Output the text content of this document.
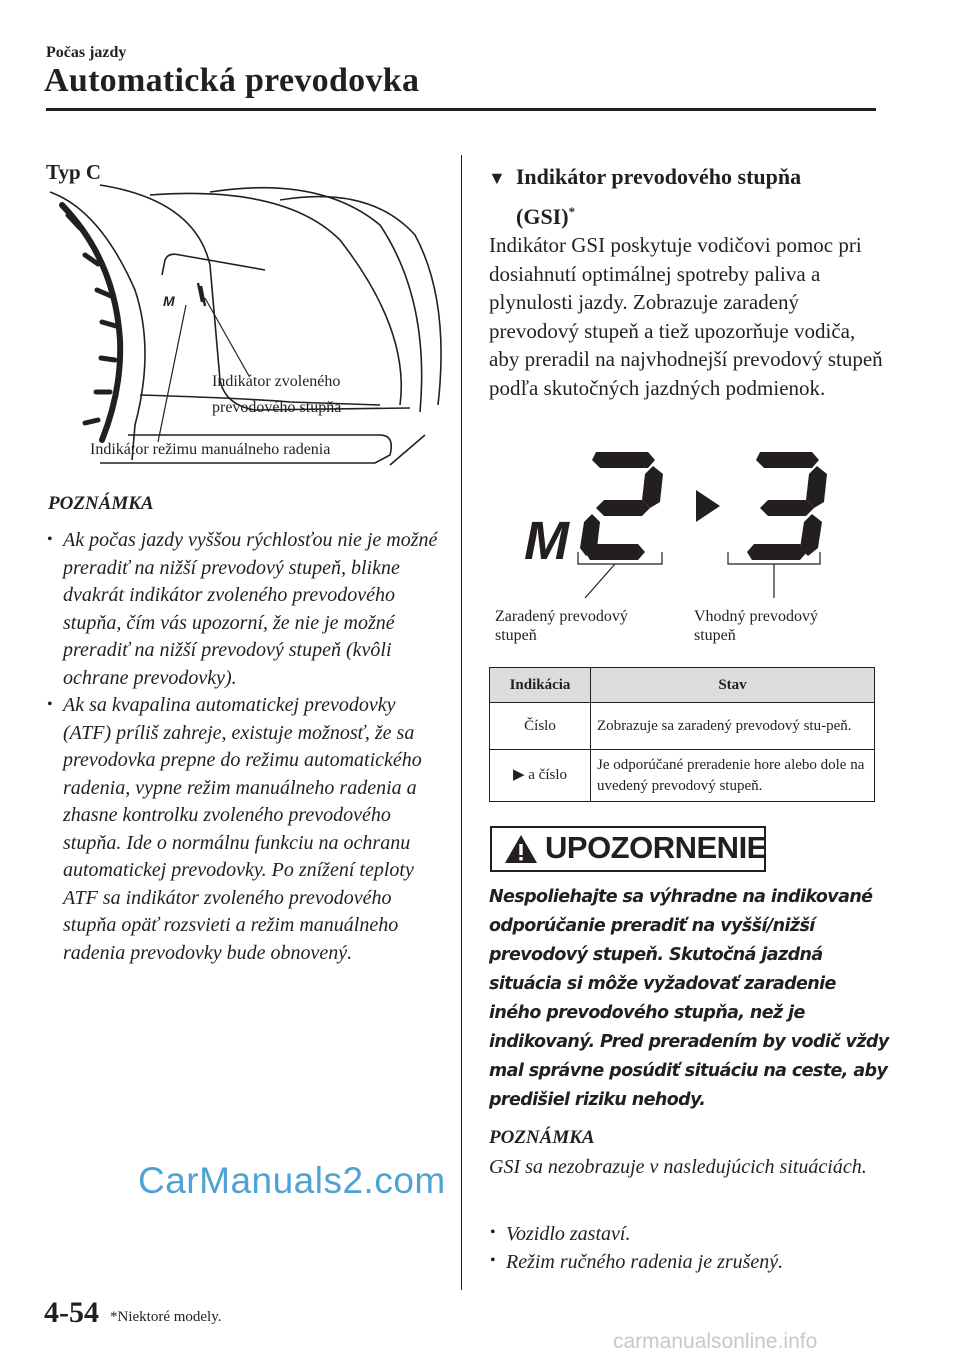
Počas jazdy
Automatická prevodovka
Typ C
M
Indikátor zvoleného
prevodového stupňa
Indikátor režimu manuálneho radenia
POZNÁMKA
• Ak počas jazdy vyššou rýchlosťou nie je možné preradiť na nižší prevodový stupeň, blikne dvakrát indikátor zvoleného prevodového stupňa, čím vás upozorní, že nie je možné preradiť na nižší prevodový stupeň (kvôli ochrane prevodovky).
• Ak sa kvapalina automatickej prevodovky (ATF) príliš zahreje, existuje možnosť, že sa prevodovka prepne do režimu automatického radenia, vypne režim manuálneho radenia a zhasne kontrolku zvoleného prevodového stupňa. Ide o normálnu funkciu na ochranu automatickej prevodovky. Po znížení teploty ATF sa indikátor zvoleného prevodového stupňa opäť rozsvieti a režim manuálneho radenia prevodovky bude obnovený.
▼ Indikátor prevodového stupňa
(GSI)*
Indikátor GSI poskytuje vodičovi pomoc pri dosiahnutí optimálnej spotreby paliva a plynulosti jazdy. Zobrazuje zaradený prevodový stupeň a tiež upozorňuje vodiča, aby preradil na najvhodnejší prevodový stupeň podľa skutočných jazdných podmienok.
M
Zaradený prevodový
stupeň
Vhodný prevodový
stupeň
Indikácia	Stav
Číslo	Zobrazuje sa zaradený prevodový stu-peň.
▶ a číslo	Je odporúčané preradenie hore alebo dole na uvedený prevodový stupeň.
UPOZORNENIE
Nespoliehajte sa výhradne na indikované odporúčanie preradiť na vyšší/nižší prevodový stupeň. Skutočná jazdná situácia si môže vyžadovať zaradenie iného prevodového stupňa, než je indikovaný. Pred preradením by vodič vždy mal správne posúdiť situáciu na ceste, aby predišiel riziku nehody.
POZNÁMKA
GSI sa nezobrazuje v nasledujúcich situáciách.
• Vozidlo zastaví.
• Režim ručného radenia je zrušený.
4-54 *Niektoré modely.
CarManuals2.com
carmanualsonline.info
